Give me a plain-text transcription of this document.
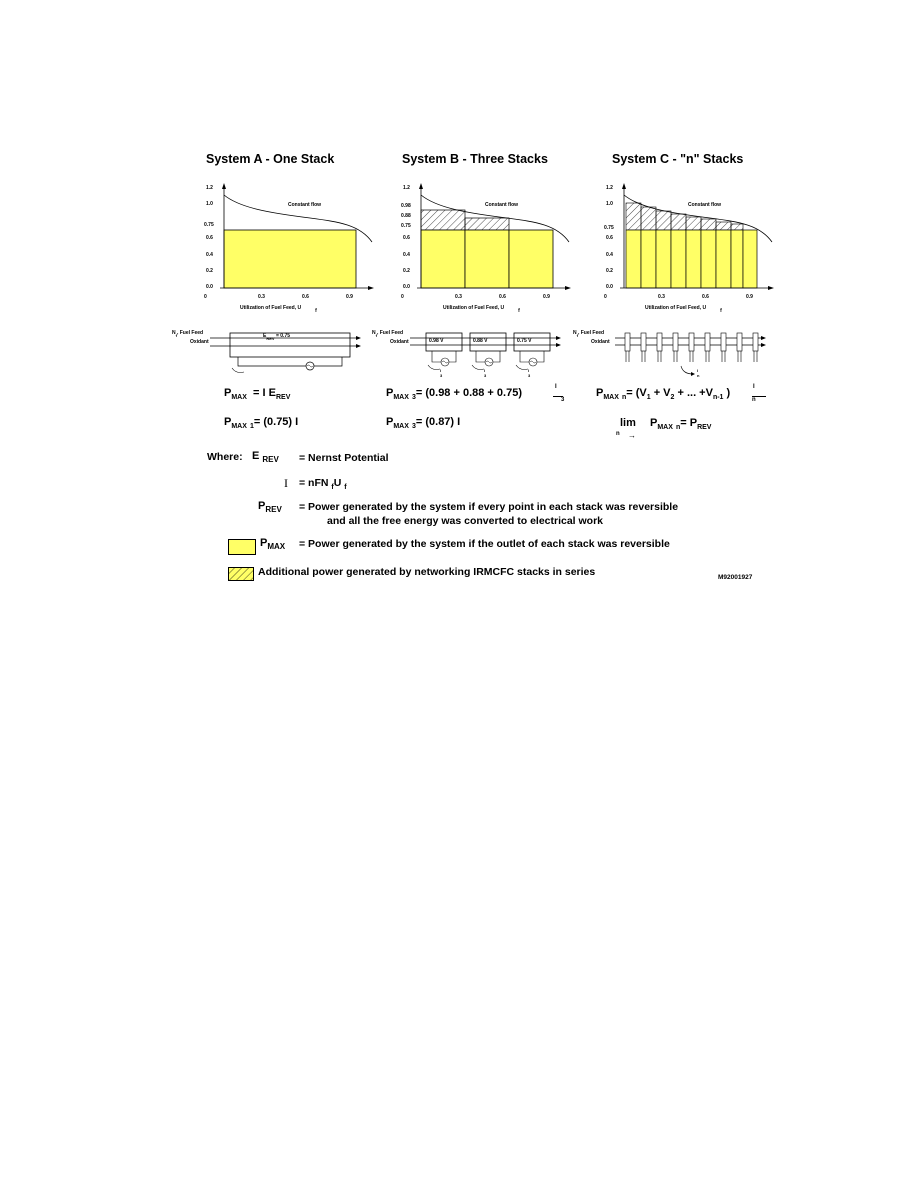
System A - One Stack	System B - Three Stacks	System C - "n" Stacks
Constant flow
1.2
1.0
0.75
0.6
0.4
0.2
0.0
0	0.3	0.6	0.9
Utilization of Fuel Feed, U	f
Constant flow
1.2
0.98
0.88
0.75
0.6
0.4
0.2
0.0
0	0.3	0.6	0.9
Utilization of Fuel Feed, U	f
Constant flow
1.2
1.0
0.75
0.6
0.4
0.2
0.0
0	0.3	0.6	0.9
Utilization of Fuel Feed, U	f
$N_f$, Fuel Feed
Oxidant
$E_{REV} = 0.75$	$N_f$, Fuel Feed
Oxidant	0.98 V	0.88 V	0.75 V
I
3
I
3
I
3
$N_f$, Fuel Feed
Oxidant
I
n
$P_{MAX} = I$ $E_{REV}$
$P_{MAX}$ $_1$= (0.75) I
$P_{MAX}$ $_3$= (0.98 + 0.88 + 0.75)	I
3
$P_{MAX}$ $_3$= (0.87) I
$P_{MAX}$ $_n= (V_1 + V_2$ + ... $+V_{n-1}$ )	I
n
lim
n →
$P_{MAX}$ $_n= P_{REV}$
Where: E $_{REV}$ = Nernst Potential
I = nFN $_f$U $_f$
$P_{REV}$ = Power generated by the system if every point in each stack was reversible
and all the free energy was converted to electrical work
$P_{MAX}$ = Power generated by the system if the outlet of each stack was reversible
Additional power generated by networking IRMCFC stacks in series	M92001927
